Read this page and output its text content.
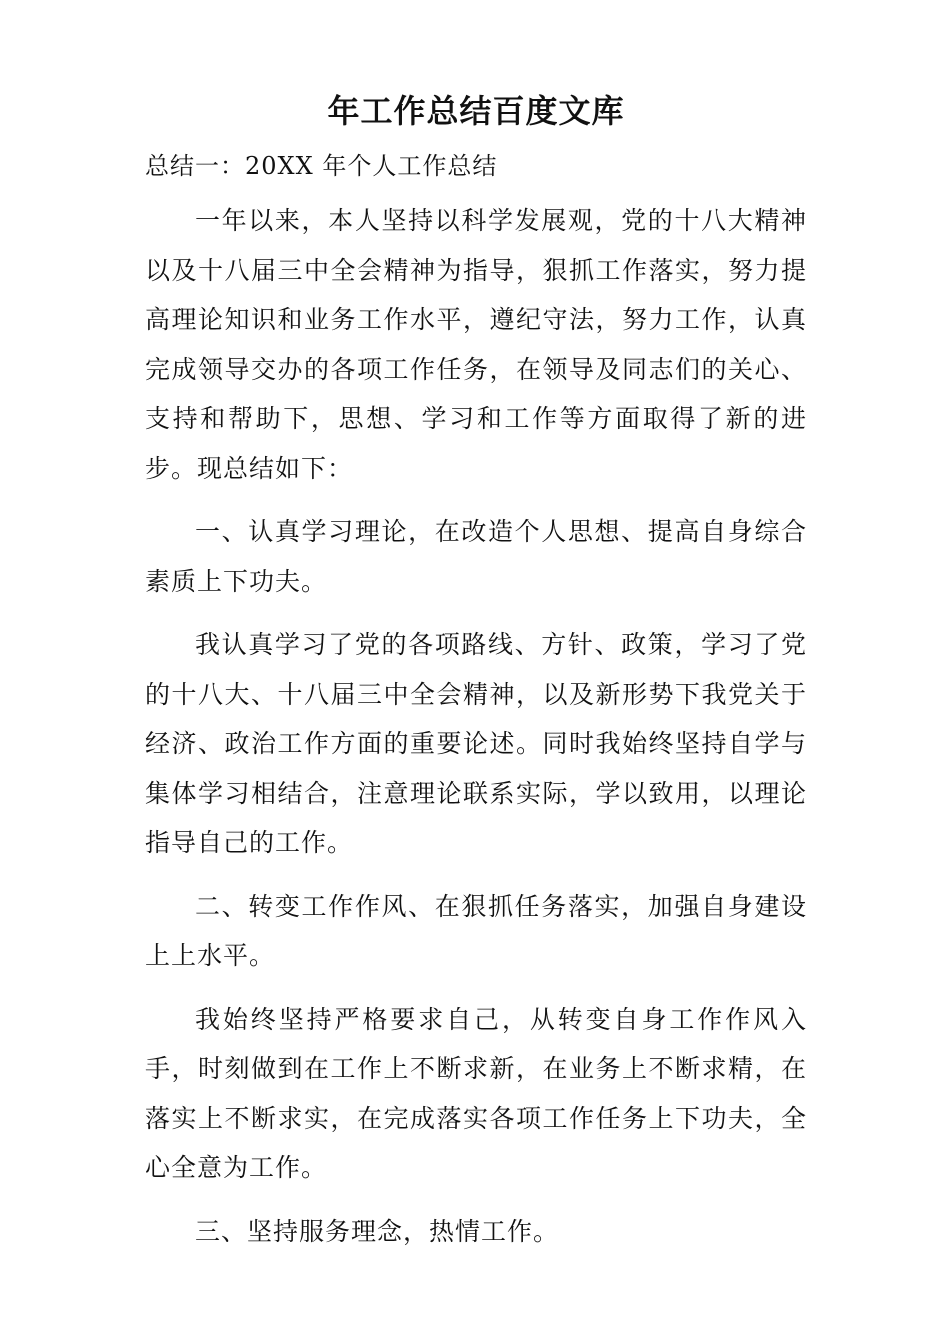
年工作总结百度文库

总结一：20XX 年个人工作总结

一年以来，本人坚持以科学发展观，党的十八大精神以及十八届三中全会精神为指导，狠抓工作落实，努力提高理论知识和业务工作水平，遵纪守法，努力工作，认真完成领导交办的各项工作任务，在领导及同志们的关心、支持和帮助下，思想、学习和工作等方面取得了新的进步。现总结如下：

一、认真学习理论，在改造个人思想、提高自身综合素质上下功夫。

我认真学习了党的各项路线、方针、政策，学习了党的十八大、十八届三中全会精神，以及新形势下我党关于经济、政治工作方面的重要论述。同时我始终坚持自学与集体学习相结合，注意理论联系实际，学以致用，以理论指导自己的工作。

二、转变工作作风、在狠抓任务落实，加强自身建设上上水平。

我始终坚持严格要求自己，从转变自身工作作风入手，时刻做到在工作上不断求新，在业务上不断求精，在落实上不断求实，在完成落实各项工作任务上下功夫，全心全意为工作。

三、坚持服务理念，热情工作。
